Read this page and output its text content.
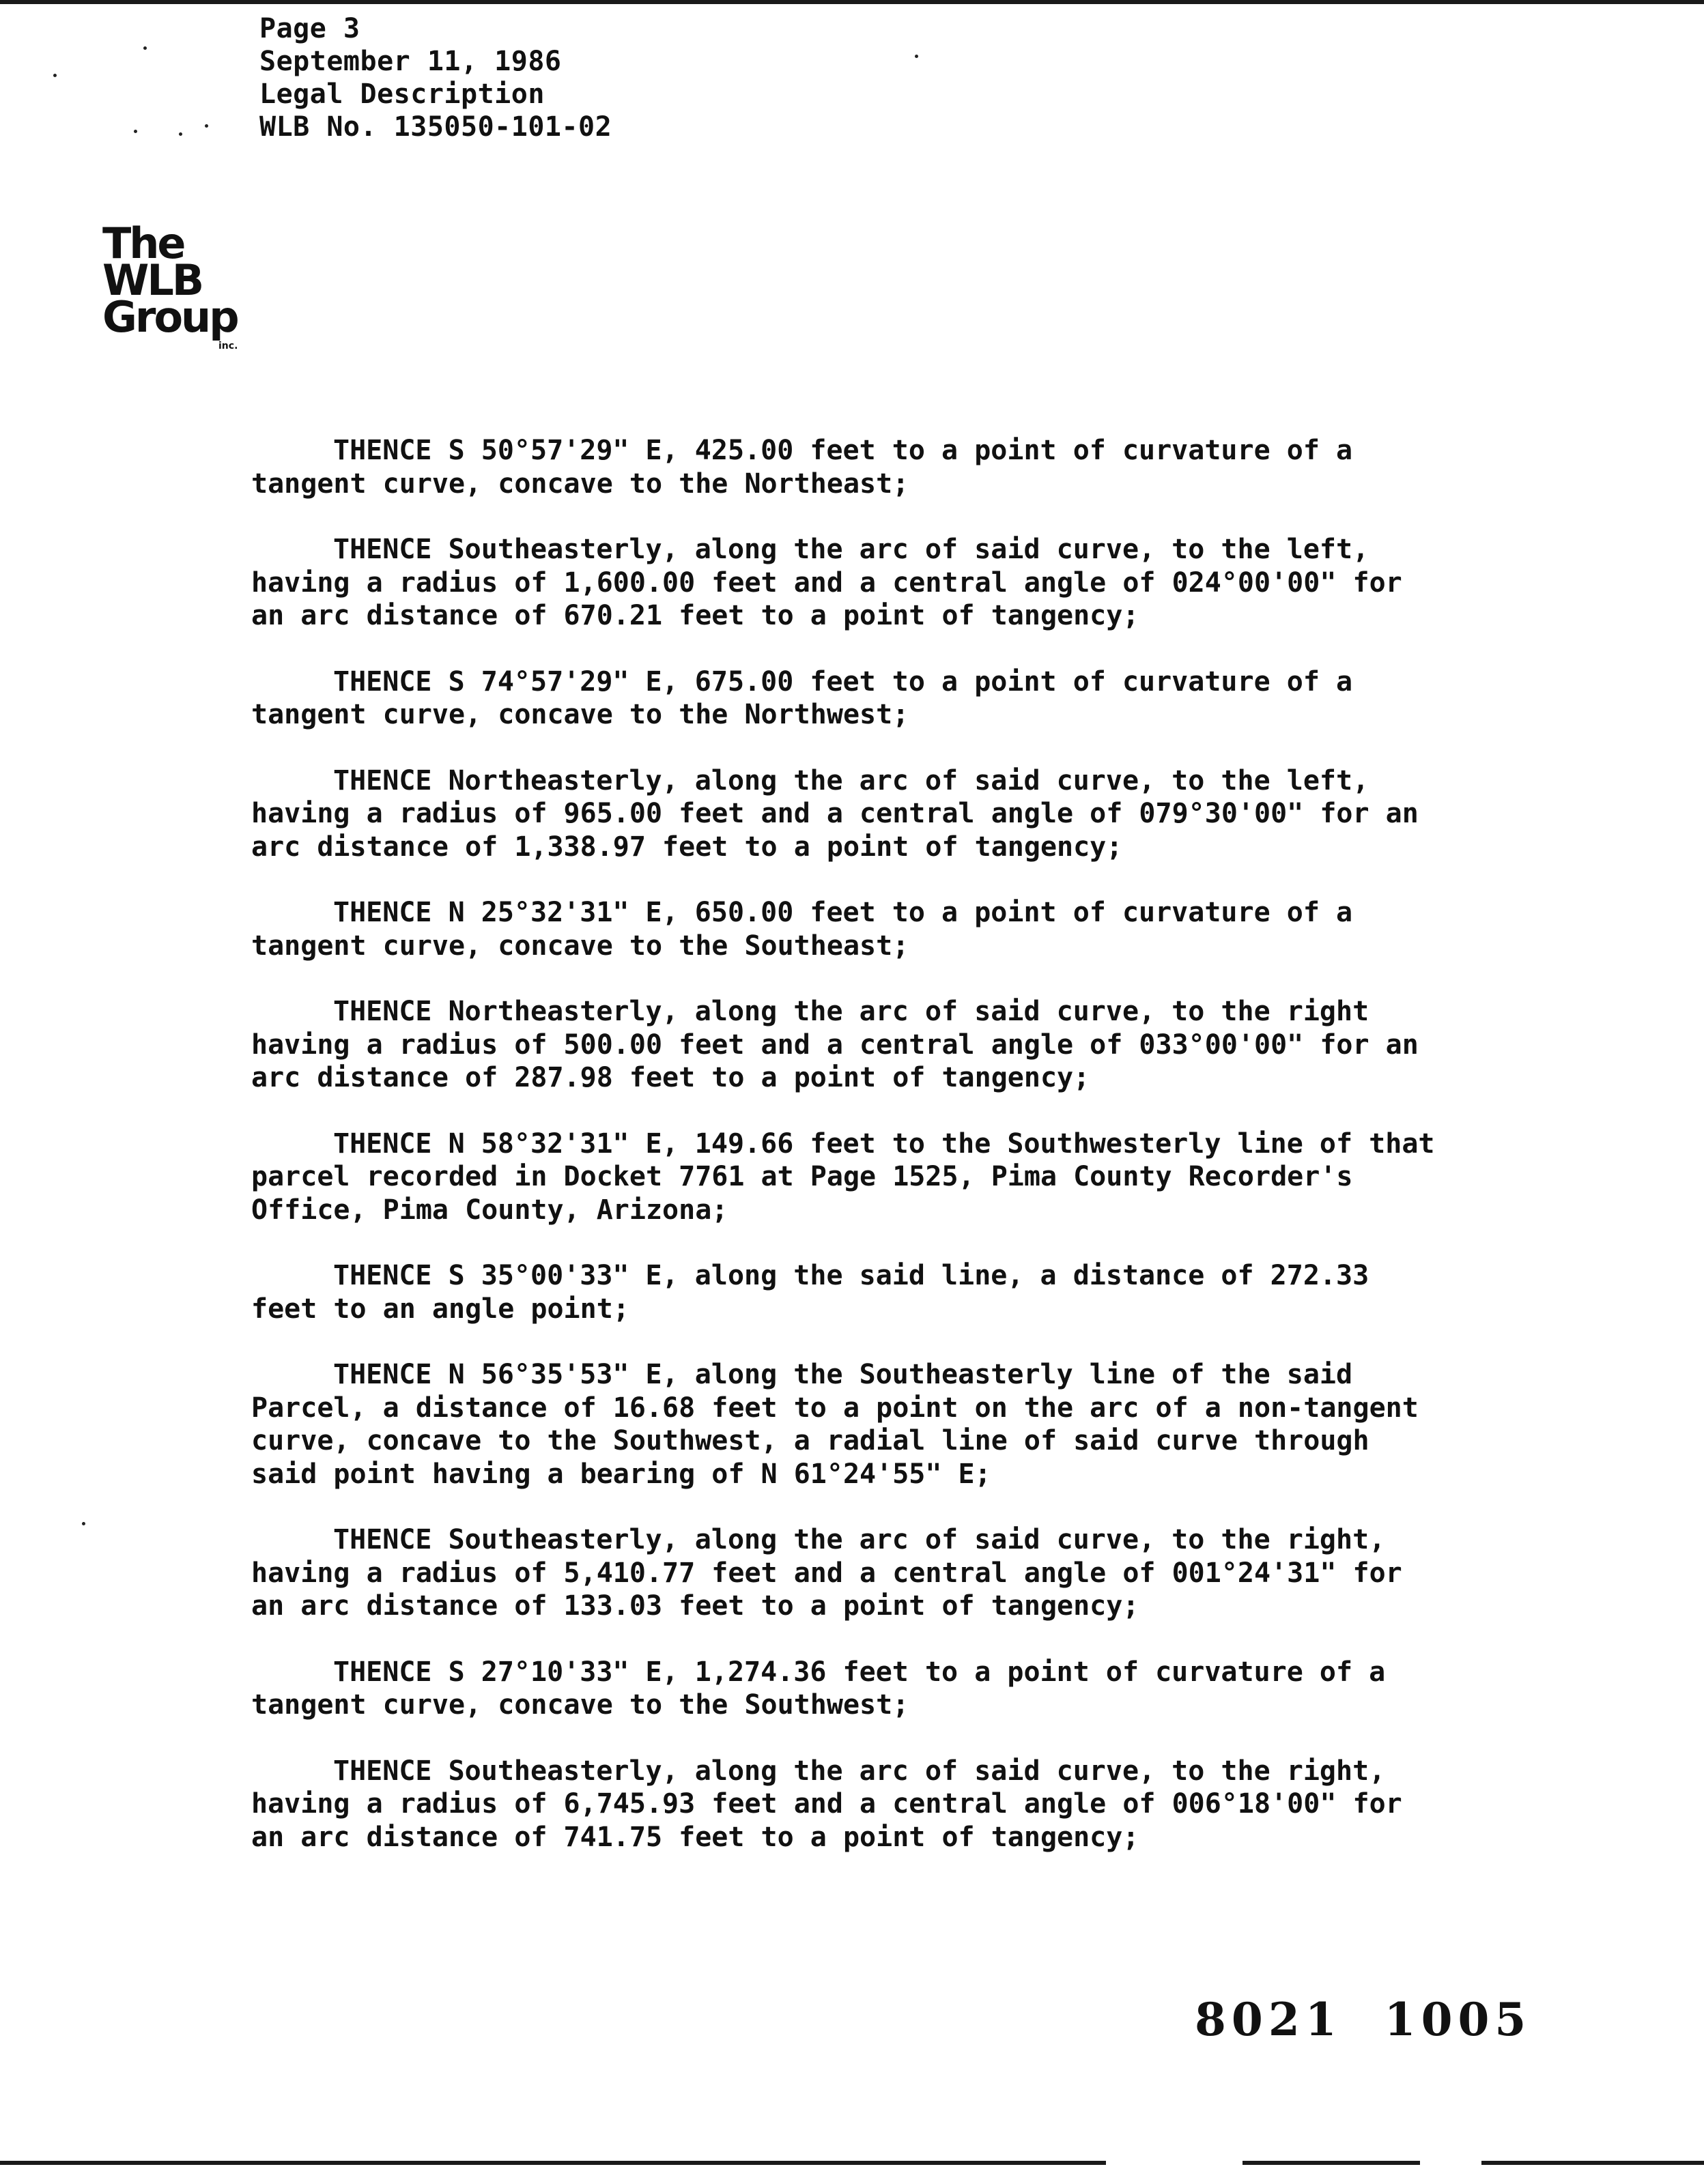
Page 3
September 11, 1986
Legal Description
WLB No. 135050-101-02
The
WLB
Group
inc.
THENCE S 50°57'29" E, 425.00 feet to a point of curvature of a
tangent curve, concave to the Northeast;
THENCE Southeasterly, along the arc of said curve, to the left,
having a radius of 1,600.00 feet and a central angle of 024°00'00" for
an arc distance of 670.21 feet to a point of tangency;
THENCE S 74°57'29" E, 675.00 feet to a point of curvature of a
tangent curve, concave to the Northwest;
THENCE Northeasterly, along the arc of said curve, to the left,
having a radius of 965.00 feet and a central angle of 079°30'00" for an
arc distance of 1,338.97 feet to a point of tangency;
THENCE N 25°32'31" E, 650.00 feet to a point of curvature of a
tangent curve, concave to the Southeast;
THENCE Northeasterly, along the arc of said curve, to the right
having a radius of 500.00 feet and a central angle of 033°00'00" for an
arc distance of 287.98 feet to a point of tangency;
THENCE N 58°32'31" E, 149.66 feet to the Southwesterly line of that
parcel recorded in Docket 7761 at Page 1525, Pima County Recorder's
Office, Pima County, Arizona;
THENCE S 35°00'33" E, along the said line, a distance of 272.33
feet to an angle point;
THENCE N 56°35'53" E, along the Southeasterly line of the said
Parcel, a distance of 16.68 feet to a point on the arc of a non-tangent
curve, concave to the Southwest, a radial line of said curve through
said point having a bearing of N 61°24'55" E;
THENCE Southeasterly, along the arc of said curve, to the right,
having a radius of 5,410.77 feet and a central angle of 001°24'31" for
an arc distance of 133.03 feet to a point of tangency;
THENCE S 27°10'33" E, 1,274.36 feet to a point of curvature of a
tangent curve, concave to the Southwest;
THENCE Southeasterly, along the arc of said curve, to the right,
having a radius of 6,745.93 feet and a central angle of 006°18'00" for
an arc distance of 741.75 feet to a point of tangency;
8021  1005
